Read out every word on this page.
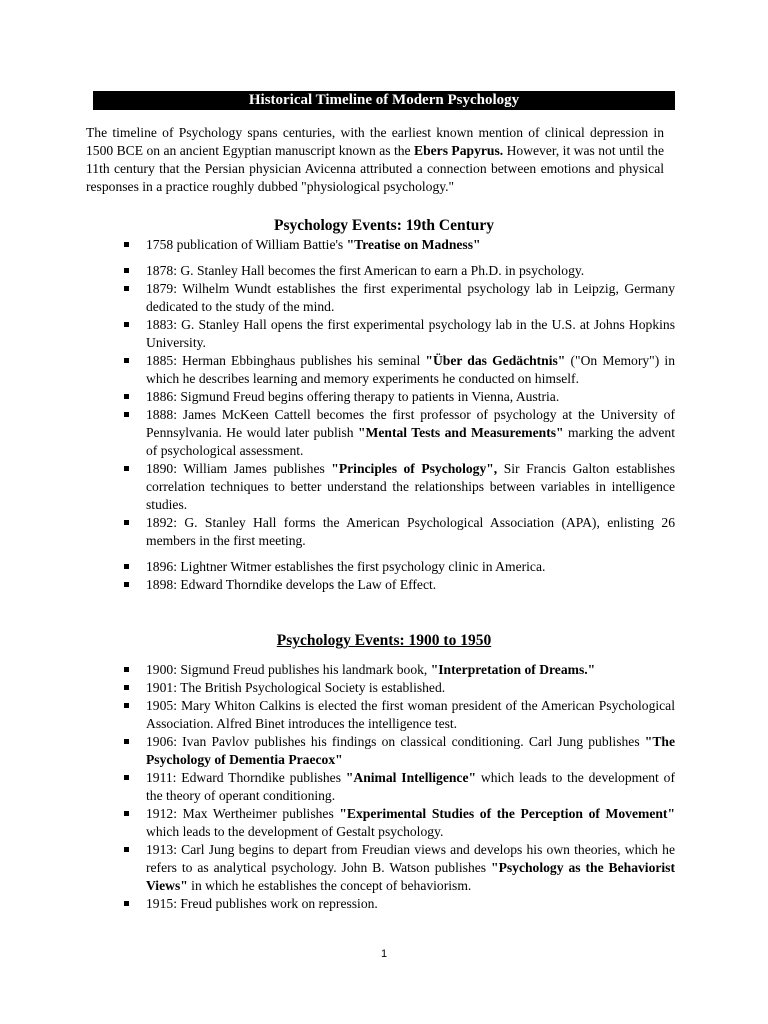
Historical Timeline of Modern Psychology
The timeline of Psychology spans centuries, with the earliest known mention of clinical depression in 1500 BCE on an ancient Egyptian manuscript known as the Ebers Papyrus. However, it was not until the 11th century that the Persian physician Avicenna attributed a connection between emotions and physical responses in a practice roughly dubbed "physiological psychology."
Psychology Events: 19th Century
1758 publication of William Battie's "Treatise on Madness"
1878: G. Stanley Hall becomes the first American to earn a Ph.D. in psychology.
1879: Wilhelm Wundt establishes the first experimental psychology lab in Leipzig, Germany dedicated to the study of the mind.
1883: G. Stanley Hall opens the first experimental psychology lab in the U.S. at Johns Hopkins University.
1885: Herman Ebbinghaus publishes his seminal "Über das Gedächtnis" ("On Memory") in which he describes learning and memory experiments he conducted on himself.
1886: Sigmund Freud begins offering therapy to patients in Vienna, Austria.
1888: James McKeen Cattell becomes the first professor of psychology at the University of Pennsylvania. He would later publish "Mental Tests and Measurements" marking the advent of psychological assessment.
1890: William James publishes "Principles of Psychology", Sir Francis Galton establishes correlation techniques to better understand the relationships between variables in intelligence studies.
1892: G. Stanley Hall forms the American Psychological Association (APA), enlisting 26 members in the first meeting.
1896: Lightner Witmer establishes the first psychology clinic in America.
1898: Edward Thorndike develops the Law of Effect.
Psychology Events: 1900 to 1950
1900: Sigmund Freud publishes his landmark book, "Interpretation of Dreams."
1901: The British Psychological Society is established.
1905: Mary Whiton Calkins is elected the first woman president of the American Psychological Association. Alfred Binet introduces the intelligence test.
1906: Ivan Pavlov publishes his findings on classical conditioning. Carl Jung publishes "The Psychology of Dementia Praecox"
1911: Edward Thorndike publishes "Animal Intelligence" which leads to the development of the theory of operant conditioning.
1912: Max Wertheimer publishes "Experimental Studies of the Perception of Movement" which leads to the development of Gestalt psychology.
1913: Carl Jung begins to depart from Freudian views and develops his own theories, which he refers to as analytical psychology. John B. Watson publishes "Psychology as the Behaviorist Views" in which he establishes the concept of behaviorism.
1915: Freud publishes work on repression.
1
